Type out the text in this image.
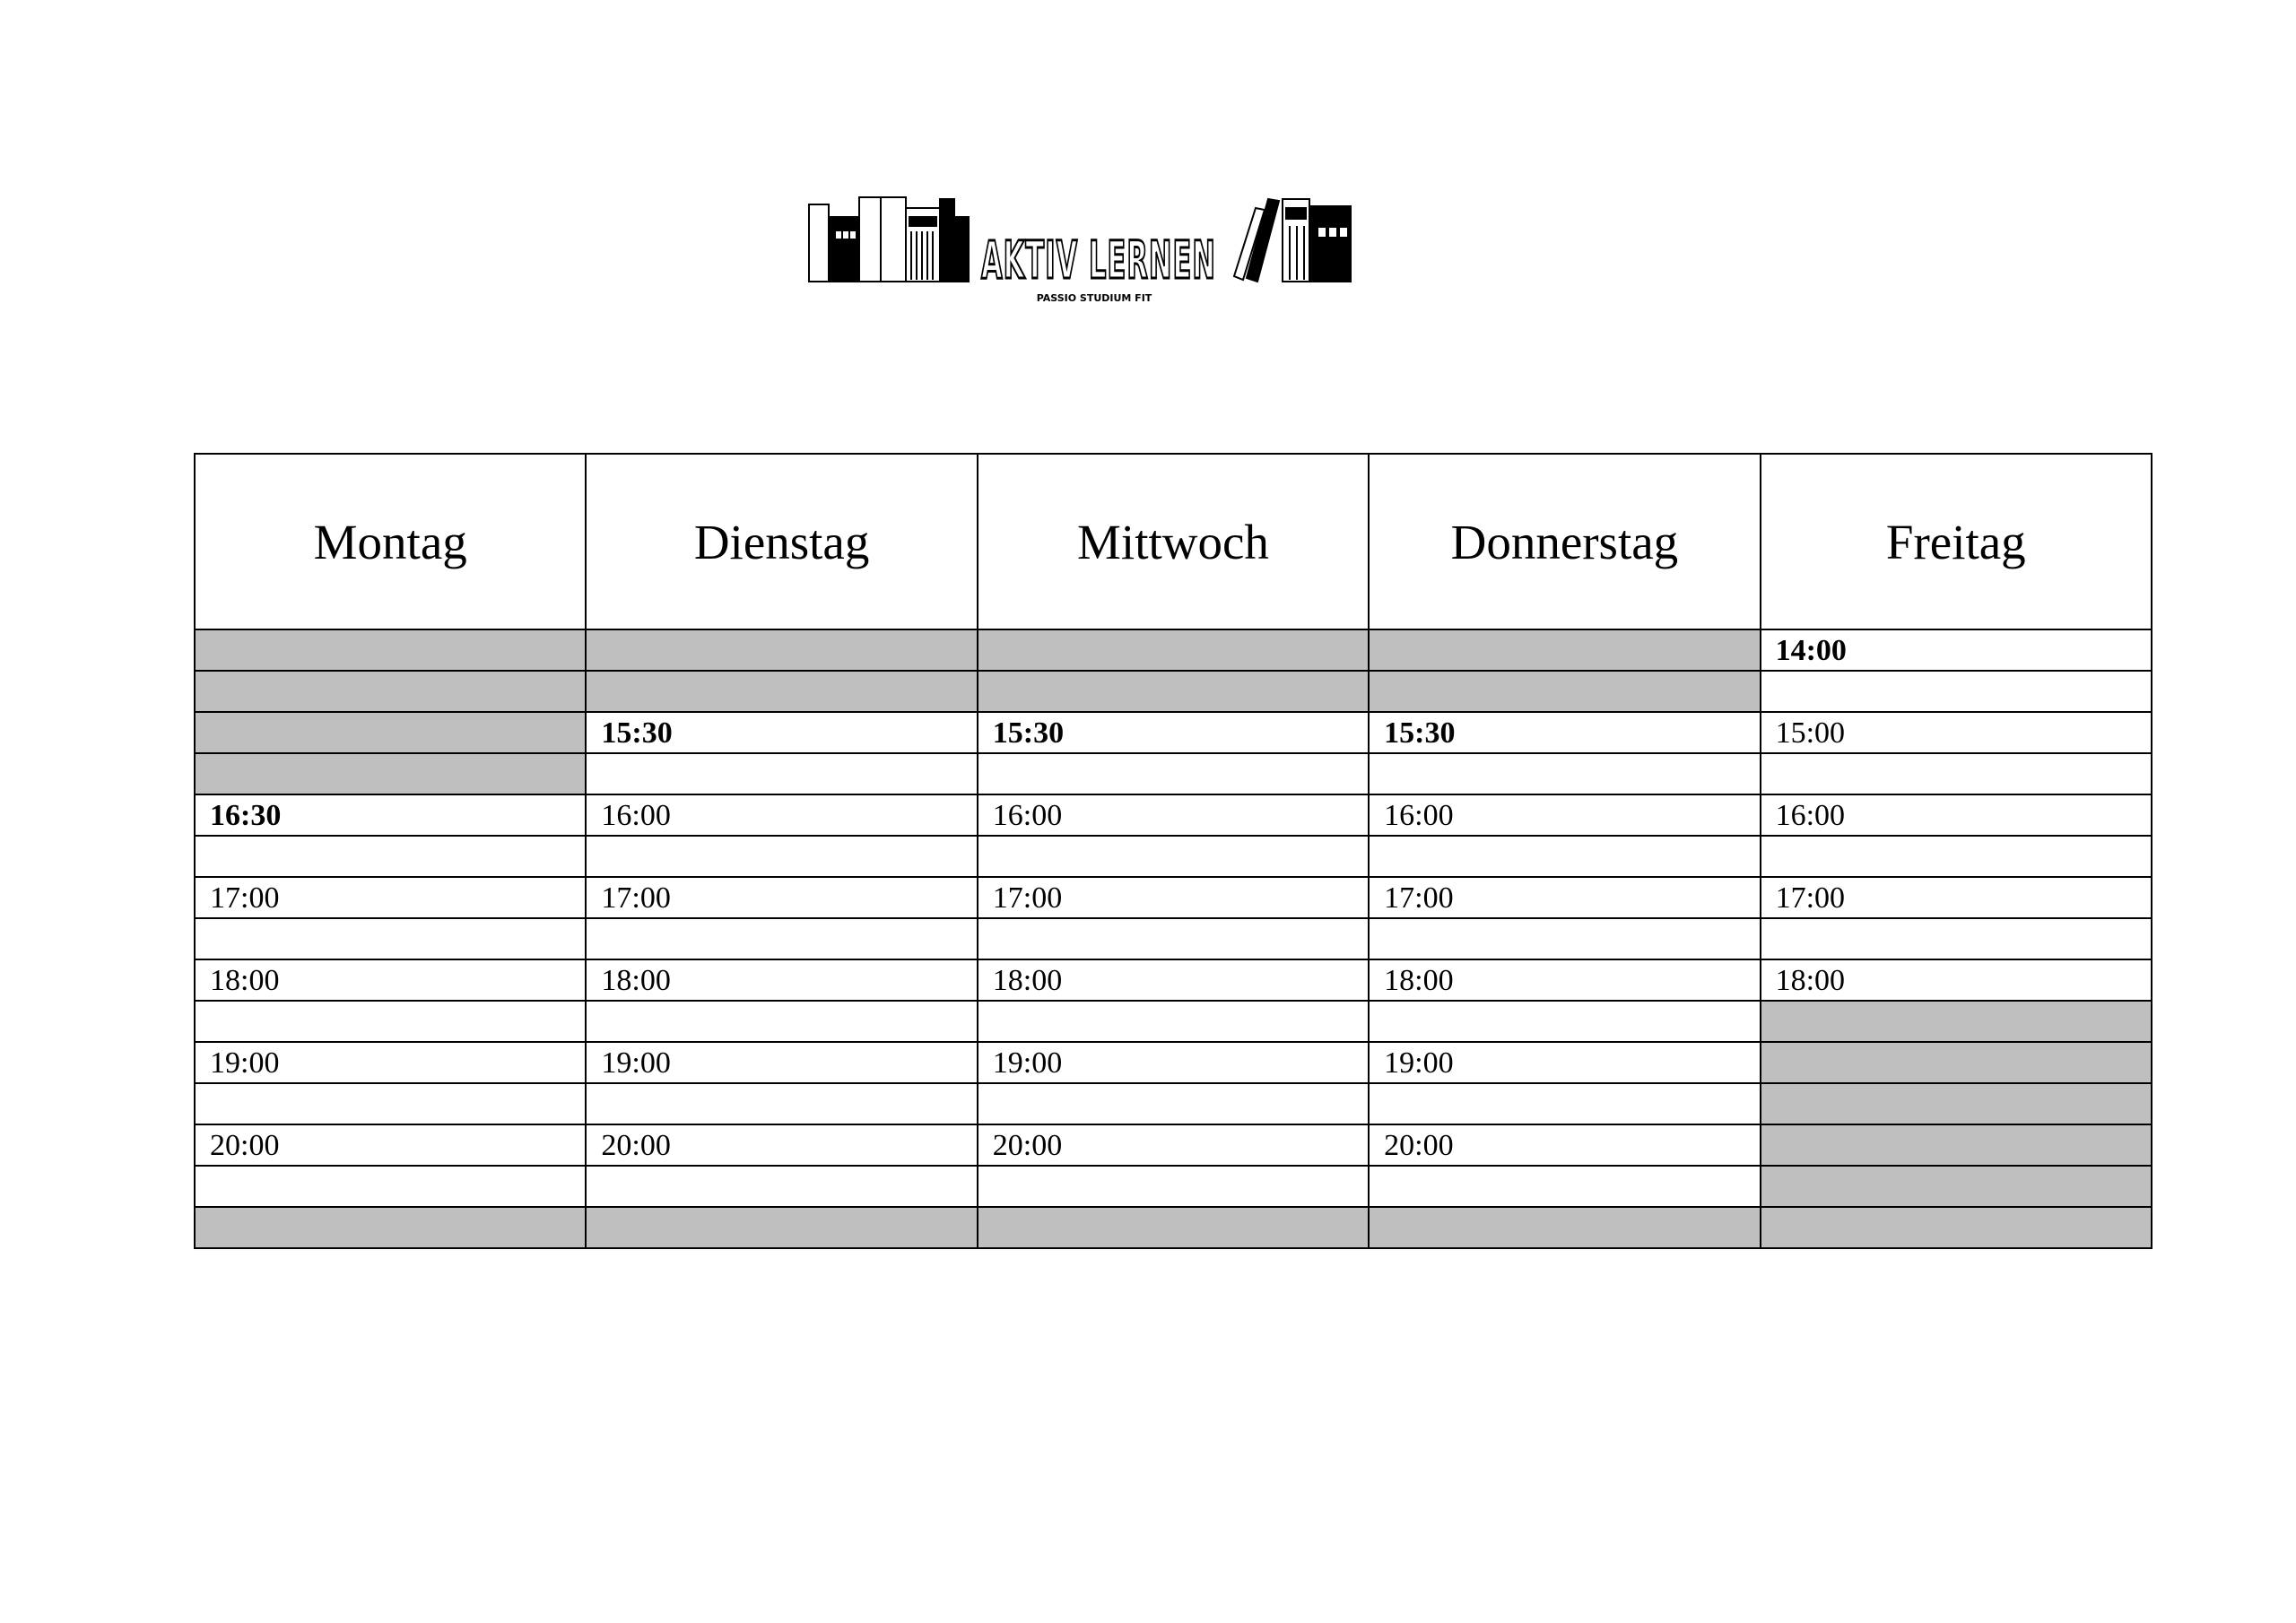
AKTIV LERNEN
PASSIO STUDIUM FIT
Montag	Dienstag	Mittwoch	Donnerstag	Freitag
				14:00

	15:30	15:30	15:30	15:00

16:30	16:00	16:00	16:00	16:00

17:00	17:00	17:00	17:00	17:00

18:00	18:00	18:00	18:00	18:00

19:00	19:00	19:00	19:00	

20:00	20:00	20:00	20:00	
